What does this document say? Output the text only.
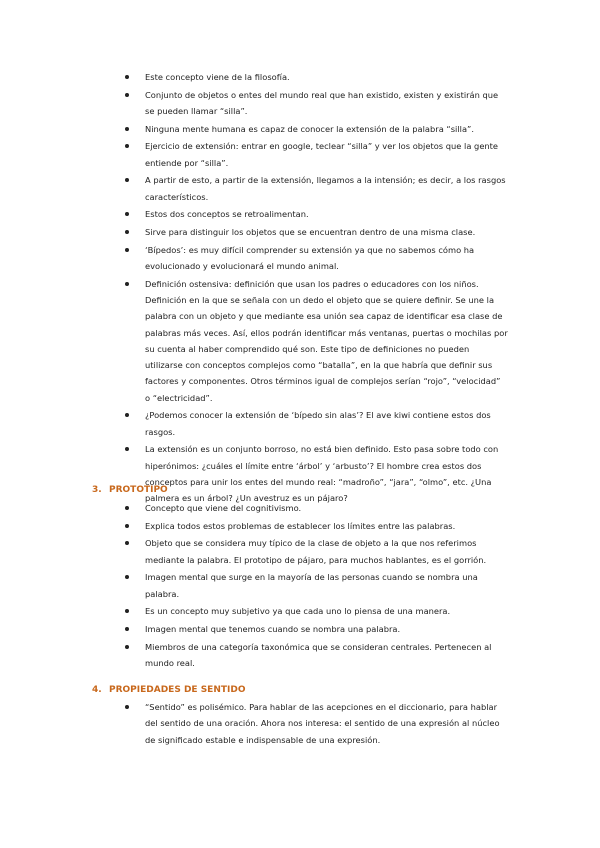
Este concepto viene de la filosofía.
Conjunto de objetos o entes del mundo real que han existido, existen y existirán que se pueden llamar “silla”.
Ninguna mente humana es capaz de conocer la extensión de la palabra “silla”.
Ejercicio de extensión: entrar en google, teclear “silla” y ver los objetos que la gente entiende por “silla”.
A partir de esto, a partir de la extensión, llegamos a la intensión; es decir, a los rasgos característicos.
Estos dos conceptos se retroalimentan.
Sirve para distinguir los objetos que se encuentran dentro de una misma clase.
‘Bípedos’: es muy difícil comprender su extensión ya que no sabemos cómo ha evolucionado y evolucionará el mundo animal.
Definición ostensiva: definición que usan los padres o educadores con los niños. Definición en la que se señala con un dedo el objeto que se quiere definir. Se une la palabra con un objeto y que mediante esa unión sea capaz de identificar esa clase de palabras más veces. Así, ellos podrán identificar más ventanas, puertas o mochilas por su cuenta al haber comprendido qué son. Este tipo de definiciones no pueden utilizarse con conceptos complejos como “batalla”, en la que habría que definir sus factores y componentes. Otros términos igual de complejos serían “rojo”, “velocidad” o “electricidad”.
¿Podemos conocer la extensión de ‘bípedo sin alas’? El ave kiwi contiene estos dos rasgos.
La extensión es un conjunto borroso, no está bien definido. Esto pasa sobre todo con hiperónimos: ¿cuáles el límite entre ‘árbol’ y ‘arbusto’? El hombre crea estos dos conceptos para unir los entes del mundo real: “madroño”, “jara”, “olmo”, etc. ¿Una palmera es un árbol? ¿Un avestruz es un pájaro?
3. PROTOTIPO
Concepto que viene del cognitivismo.
Explica todos estos problemas de establecer los límites entre las palabras.
Objeto que se considera muy típico de la clase de objeto a la que nos referimos mediante la palabra. El prototipo de pájaro, para muchos hablantes, es el gorrión.
Imagen mental que surge en la mayoría de las personas cuando se nombra una palabra.
Es un concepto muy subjetivo ya que cada uno lo piensa de una manera.
Imagen mental que tenemos cuando se nombra una palabra.
Miembros de una categoría taxonómica que se consideran centrales. Pertenecen al mundo real.
4. PROPIEDADES DE SENTIDO
“Sentido” es polisémico. Para hablar de las acepciones en el diccionario, para hablar del sentido de una oración. Ahora nos interesa: el sentido de una expresión al núcleo de significado estable e indispensable de una expresión.
